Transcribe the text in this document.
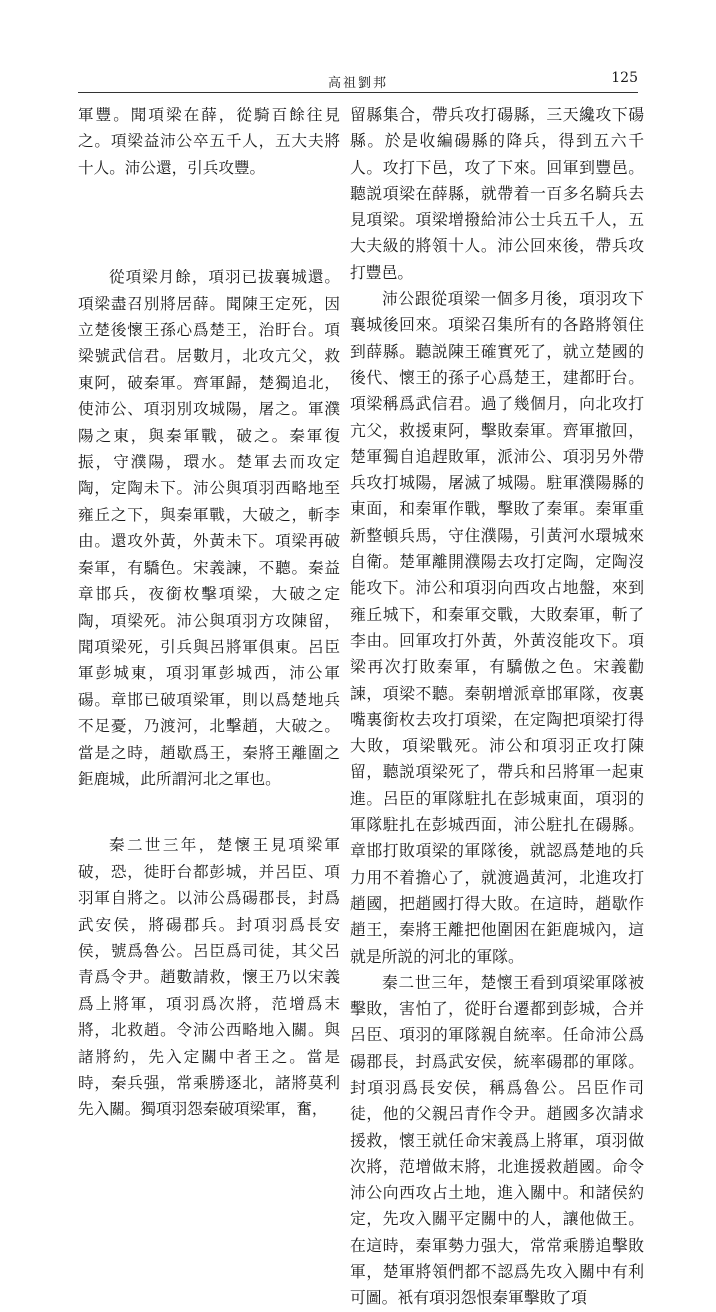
高祖劉邦	125

軍豐。聞項梁在薛，從騎百餘往見之。項梁益沛公卒五千人，五大夫將十人。沛公還，引兵攻豐。

從項梁月餘，項羽已拔襄城還。項梁盡召別將居薛。聞陳王定死，因立楚後懷王孫心爲楚王，治盱台。項梁號武信君。居數月，北攻亢父，救東阿，破秦軍。齊軍歸，楚獨追北，使沛公、項羽別攻城陽，屠之。軍濮陽之東，與秦軍戰，破之。秦軍復振，守濮陽，環水。楚軍去而攻定陶，定陶未下。沛公與項羽西略地至雍丘之下，與秦軍戰，大破之，斬李由。還攻外黃，外黃未下。項梁再破秦軍，有驕色。宋義諫，不聽。秦益章邯兵，夜銜枚擊項梁，大破之定陶，項梁死。沛公與項羽方攻陳留，聞項梁死，引兵與呂將軍俱東。呂臣軍彭城東，項羽軍彭城西，沛公軍碭。章邯已破項梁軍，則以爲楚地兵不足憂，乃渡河，北擊趙，大破之。當是之時，趙歇爲王，秦將王離圍之鉅鹿城，此所謂河北之軍也。

秦二世三年，楚懷王見項梁軍破，恐，徙盱台都彭城，并呂臣、項羽軍自將之。以沛公爲碭郡長，封爲武安侯，將碭郡兵。封項羽爲長安侯，號爲魯公。呂臣爲司徒，其父呂青爲令尹。趙數請救，懷王乃以宋義爲上將軍，項羽爲次將，范增爲末將，北救趙。令沛公西略地入關。與諸將約，先入定關中者王之。當是時，秦兵强，常乘勝逐北，諸將莫利先入關。獨項羽怨秦破項梁軍，奮，

留縣集合，帶兵攻打碭縣，三天纔攻下碭縣。於是收編碭縣的降兵，得到五六千人。攻打下邑，攻了下來。回軍到豐邑。聽説項梁在薛縣，就帶着一百多名騎兵去見項梁。項梁增撥給沛公士兵五千人，五大夫級的將領十人。沛公回來後，帶兵攻打豐邑。

沛公跟從項梁一個多月後，項羽攻下襄城後回來。項梁召集所有的各路將領住到薛縣。聽説陳王確實死了，就立楚國的後代、懷王的孫子心爲楚王，建都盱台。項梁稱爲武信君。過了幾個月，向北攻打亢父，救援東阿，擊敗秦軍。齊軍撤回，楚軍獨自追趕敗軍，派沛公、項羽另外帶兵攻打城陽，屠滅了城陽。駐軍濮陽縣的東面，和秦軍作戰，擊敗了秦軍。秦軍重新整頓兵馬，守住濮陽，引黃河水環城來自衛。楚軍離開濮陽去攻打定陶，定陶沒能攻下。沛公和項羽向西攻占地盤，來到雍丘城下，和秦軍交戰，大敗秦軍，斬了李由。回軍攻打外黃，外黃沒能攻下。項梁再次打敗秦軍，有驕傲之色。宋義勸諫，項梁不聽。秦朝增派章邯軍隊，夜裏嘴裏銜枚去攻打項梁，在定陶把項梁打得大敗，項梁戰死。沛公和項羽正攻打陳留，聽説項梁死了，帶兵和呂將軍一起東進。呂臣的軍隊駐扎在彭城東面，項羽的軍隊駐扎在彭城西面，沛公駐扎在碭縣。章邯打敗項梁的軍隊後，就認爲楚地的兵力用不着擔心了，就渡過黃河，北進攻打趙國，把趙國打得大敗。在這時，趙歇作趙王，秦將王離把他圍困在鉅鹿城內，這就是所説的河北的軍隊。

秦二世三年，楚懷王看到項梁軍隊被擊敗，害怕了，從盱台遷都到彭城，合并呂臣、項羽的軍隊親自統率。任命沛公爲碭郡長，封爲武安侯，統率碭郡的軍隊。封項羽爲長安侯，稱爲魯公。呂臣作司徒，他的父親呂青作令尹。趙國多次請求援救，懷王就任命宋義爲上將軍，項羽做次將，范增做末將，北進援救趙國。命令沛公向西攻占土地，進入關中。和諸侯約定，先攻入關平定關中的人，讓他做王。在這時，秦軍勢力强大，常常乘勝追擊敗軍，楚軍將領們都不認爲先攻入關中有利可圖。衹有項羽怨恨秦軍擊敗了項
